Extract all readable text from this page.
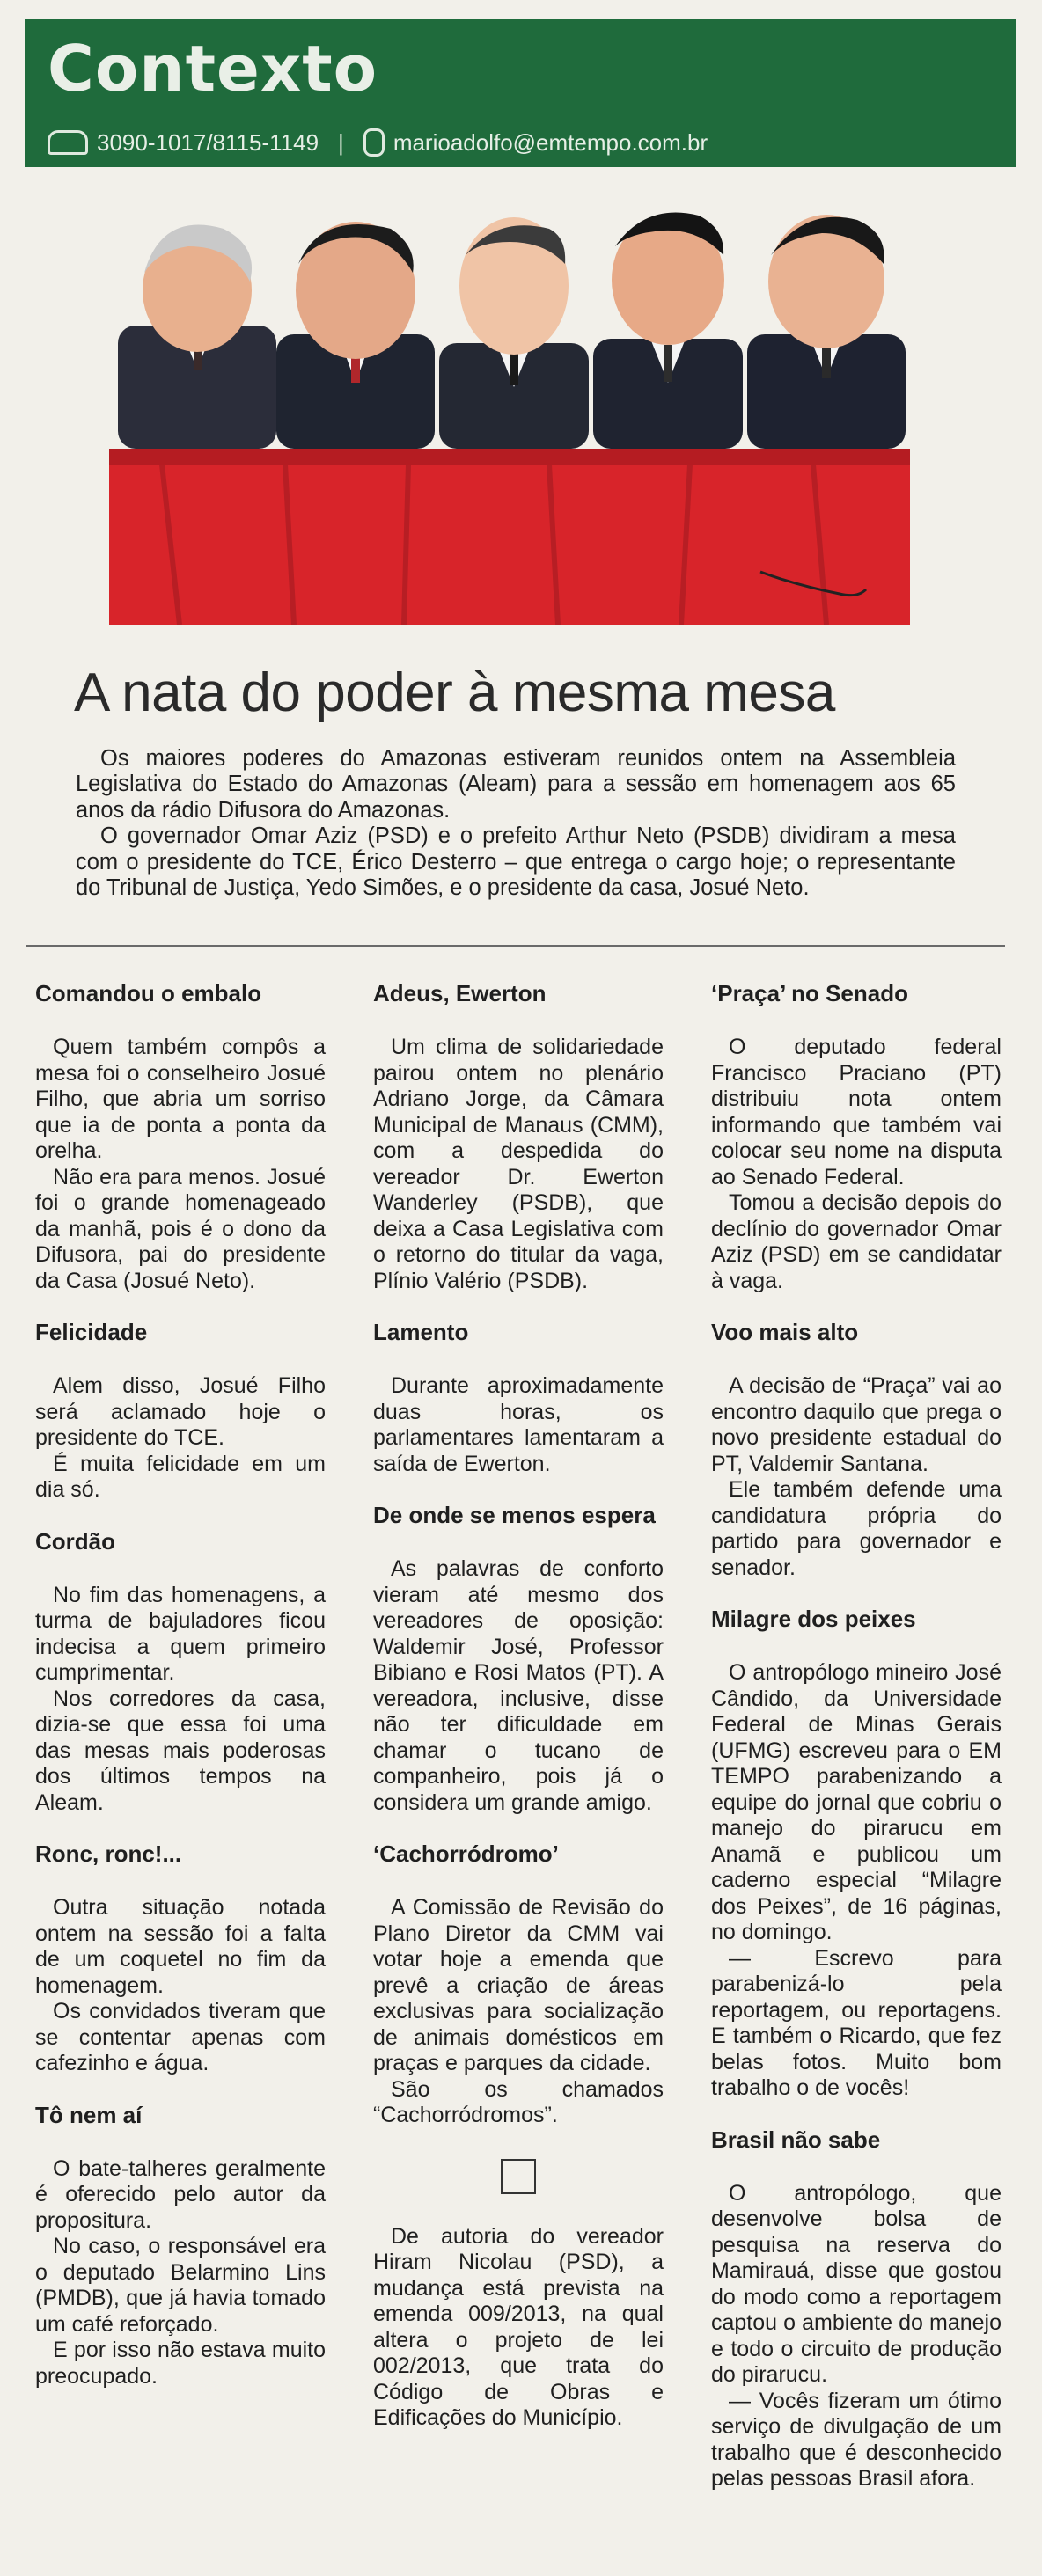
Contexto
3090-1017/8115-1149 | marioadolfo@emtempo.com.br
A nata do poder à mesma mesa

Os maiores poderes do Amazonas estiveram reunidos ontem na Assembleia Legislativa do Estado do Amazonas (Aleam) para a sessão em homenagem aos 65 anos da rádio Difusora do Amazonas.

O governador Omar Aziz (PSD) e o prefeito Arthur Neto (PSDB) dividiram a mesa com o presidente do TCE, Érico Desterro – que entrega o cargo hoje; o representante do Tribunal de Justiça, Yedo Simões, e o presidente da casa, Josué Neto.

Comandou o embalo

Quem também compôs a mesa foi o conselheiro Josué Filho, que abria um sorriso que ia de ponta a ponta da orelha.

Não era para menos. Josué foi o grande homenageado da manhã, pois é o dono da Difusora, pai do presidente da Casa (Josué Neto).

Felicidade

Alem disso, Josué Filho será aclamado hoje o presidente do TCE.

É muita felicidade em um dia só.

Cordão

No fim das homenagens, a turma de bajuladores ficou indecisa a quem primeiro cumprimentar.

Nos corredores da casa, dizia-se que essa foi uma das mesas mais poderosas dos últimos tempos na Aleam.

Ronc, ronc!...

Outra situação notada ontem na sessão foi a falta de um coquetel no fim da homenagem.

Os convidados tiveram que se contentar apenas com cafezinho e água.

Tô nem aí

O bate-talheres geralmente é oferecido pelo autor da propositura.

No caso, o responsável era o deputado Belarmino Lins (PMDB), que já havia tomado um café reforçado.

E por isso não estava muito preocupado.

Adeus, Ewerton

Um clima de solidariedade pairou ontem no plenário Adriano Jorge, da Câmara Municipal de Manaus (CMM), com a despedida do vereador Dr. Ewerton Wanderley (PSDB), que deixa a Casa Legislativa com o retorno do titular da vaga, Plínio Valério (PSDB).

Lamento

Durante aproximadamente duas horas, os parlamentares lamentaram a saída de Ewerton.

De onde se menos espera

As palavras de conforto vieram até mesmo dos vereadores de oposição: Waldemir José, Professor Bibiano e Rosi Matos (PT). A vereadora, inclusive, disse não ter dificuldade em chamar o tucano de companheiro, pois já o considera um grande amigo.

‘Cachorródromo’

A Comissão de Revisão do Plano Diretor da CMM vai votar hoje a emenda que prevê a criação de áreas exclusivas para socialização de animais domésticos em praças e parques da cidade.

São os chamados “Cachorródromos”.

De autoria do vereador Hiram Nicolau (PSD), a mudança está prevista na emenda 009/2013, na qual altera o projeto de lei 002/2013, que trata do Código de Obras e Edificações do Município.

‘Praça’ no Senado

O deputado federal Francisco Praciano (PT) distribuiu nota ontem informando que também vai colocar seu nome na disputa ao Senado Federal.

Tomou a decisão depois do declínio do governador Omar Aziz (PSD) em se candidatar à vaga.

Voo mais alto

A decisão de “Praça” vai ao encontro daquilo que prega o novo presidente estadual do PT, Valdemir Santana.

Ele também defende uma candidatura própria do partido para governador e senador.

Milagre dos peixes

O antropólogo mineiro José Cândido, da Universidade Federal de Minas Gerais (UFMG) escreveu para o EM TEMPO parabenizando a equipe do jornal que cobriu o manejo do pirarucu em Anamã e publicou um caderno especial “Milagre dos Peixes”, de 16 páginas, no domingo.

— Escrevo para parabenizá-lo pela reportagem, ou reportagens. E também o Ricardo, que fez belas fotos. Muito bom trabalho o de vocês!

Brasil não sabe

O antropólogo, que desenvolve bolsa de pesquisa na reserva do Mamirauá, disse que gostou do modo como a reportagem captou o ambiente do manejo e todo o circuito de produção do pirarucu.

— Vocês fizeram um ótimo serviço de divulgação de um trabalho que é desconhecido pelas pessoas Brasil afora.
